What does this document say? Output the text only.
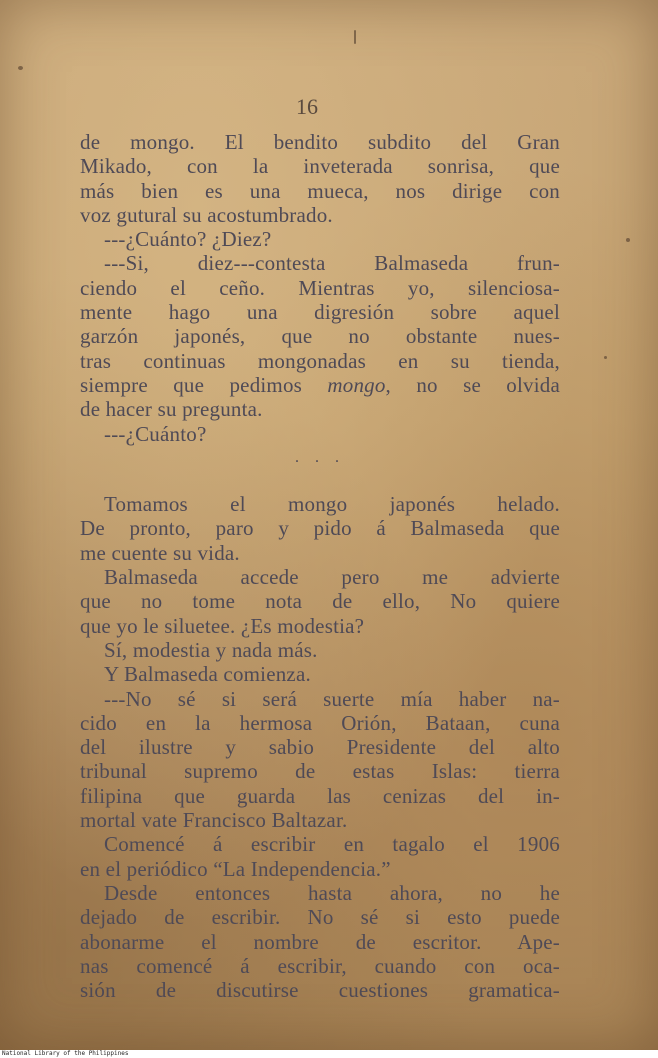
16
de mongo. El bendito subdito del Gran
Mikado, con la inveterada sonrisa, que
más bien es una mueca, nos dirige con
voz gutural su acostumbrado.
---¿Cuánto? ¿Diez?
---Si, diez---contesta Balmaseda frun-
ciendo el ceño. Mientras yo, silenciosa-
mente hago una digresión sobre aquel
garzón japonés, que no obstante nues-
tras continuas mongonadas en su tienda,
siempre que pedimos mongo, no se olvida
de hacer su pregunta.
---¿Cuánto?
. . .
Tomamos el mongo japonés helado.
De pronto, paro y pido á Balmaseda que
me cuente su vida.
Balmaseda accede pero me advierte
que no tome nota de ello, No quiere
que yo le siluetee. ¿Es modestia?
Sí, modestia y nada más.
Y Balmaseda comienza.
---No sé si será suerte mía haber na-
cido en la hermosa Orión, Bataan, cuna
del ilustre y sabio Presidente del alto
tribunal supremo de estas Islas: tierra
filipina que guarda las cenizas del in-
mortal vate Francisco Baltazar.
Comencé á escribir en tagalo el 1906
en el periódico “La Independencia.”
Desde entonces hasta ahora, no he
dejado de escribir. No sé si esto puede
abonarme el nombre de escritor. Ape-
nas comencé á escribir, cuando con oca-
sión de discutirse cuestiones gramatica-
National Library of the Philippines
